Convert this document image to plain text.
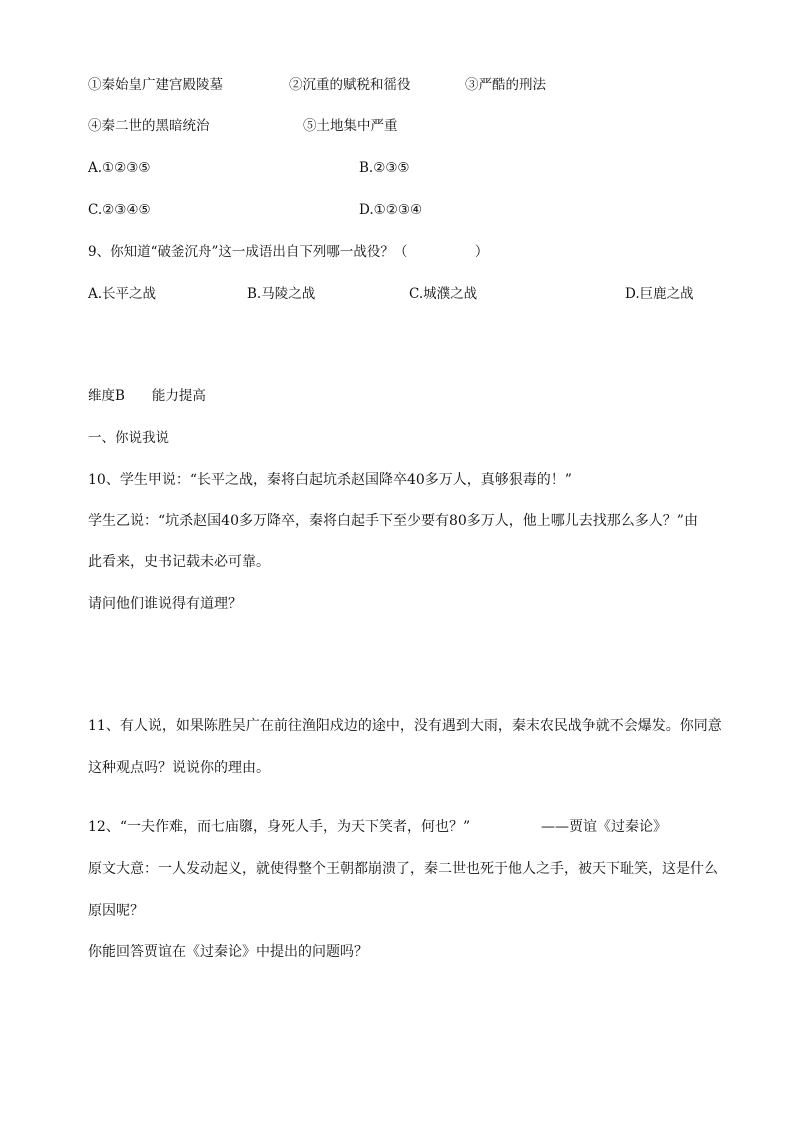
①秦始皇广建宫殿陵墓	②沉重的赋税和徭役	③严酷的刑法
④秦二世的黑暗统治	⑤土地集中严重
A.①②③⑤	B.②③⑤
C.②③④⑤	D.①②③④
9、你知道“破釜沉舟”这一成语出自下列哪一战役？（　　　　　）
A.长平之战	B.马陵之战	C.城濮之战	D.巨鹿之战
维度B　　能力提高
一、你说我说
10、学生甲说：“长平之战，秦将白起坑杀赵国降卒40多万人，真够狠毒的！”
学生乙说：“坑杀赵国40多万降卒，秦将白起手下至少要有80多万人，他上哪儿去找那么多人？”由
此看来，史书记载未必可靠。
请问他们谁说得有道理？
11、有人说，如果陈胜吴广在前往渔阳戍边的途中，没有遇到大雨，秦末农民战争就不会爆发。你同意
这种观点吗？说说你的理由。
12、“一夫作难，而七庙隳，身死人手，为天下笑者，何也？”	——贾谊《过秦论》
原文大意：一人发动起义，就使得整个王朝都崩溃了，秦二世也死于他人之手，被天下耻笑，这是什么
原因呢？
你能回答贾谊在《过秦论》中提出的问题吗？
